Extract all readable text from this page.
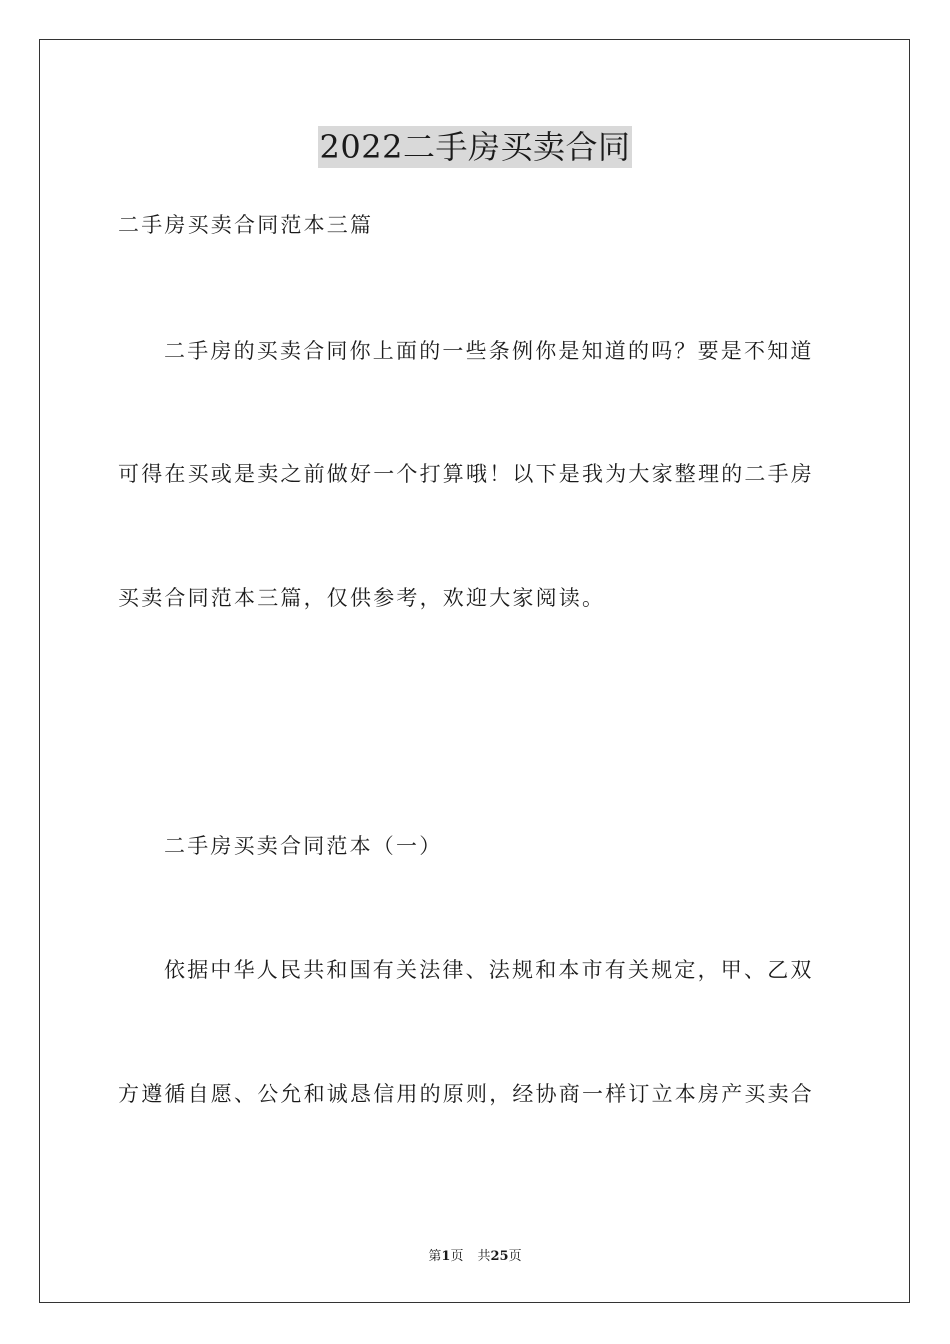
2022二手房买卖合同
二手房买卖合同范本三篇
二手房的买卖合同你上面的一些条例你是知道的吗？要是不知道
可得在买或是卖之前做好一个打算哦！以下是我为大家整理的二手房
买卖合同范本三篇，仅供参考，欢迎大家阅读。
二手房买卖合同范本（一）
依据中华人民共和国有关法律、法规和本市有关规定，甲、乙双
方遵循自愿、公允和诚恳信用的原则，经协商一样订立本房产买卖合
第1页 共25页
